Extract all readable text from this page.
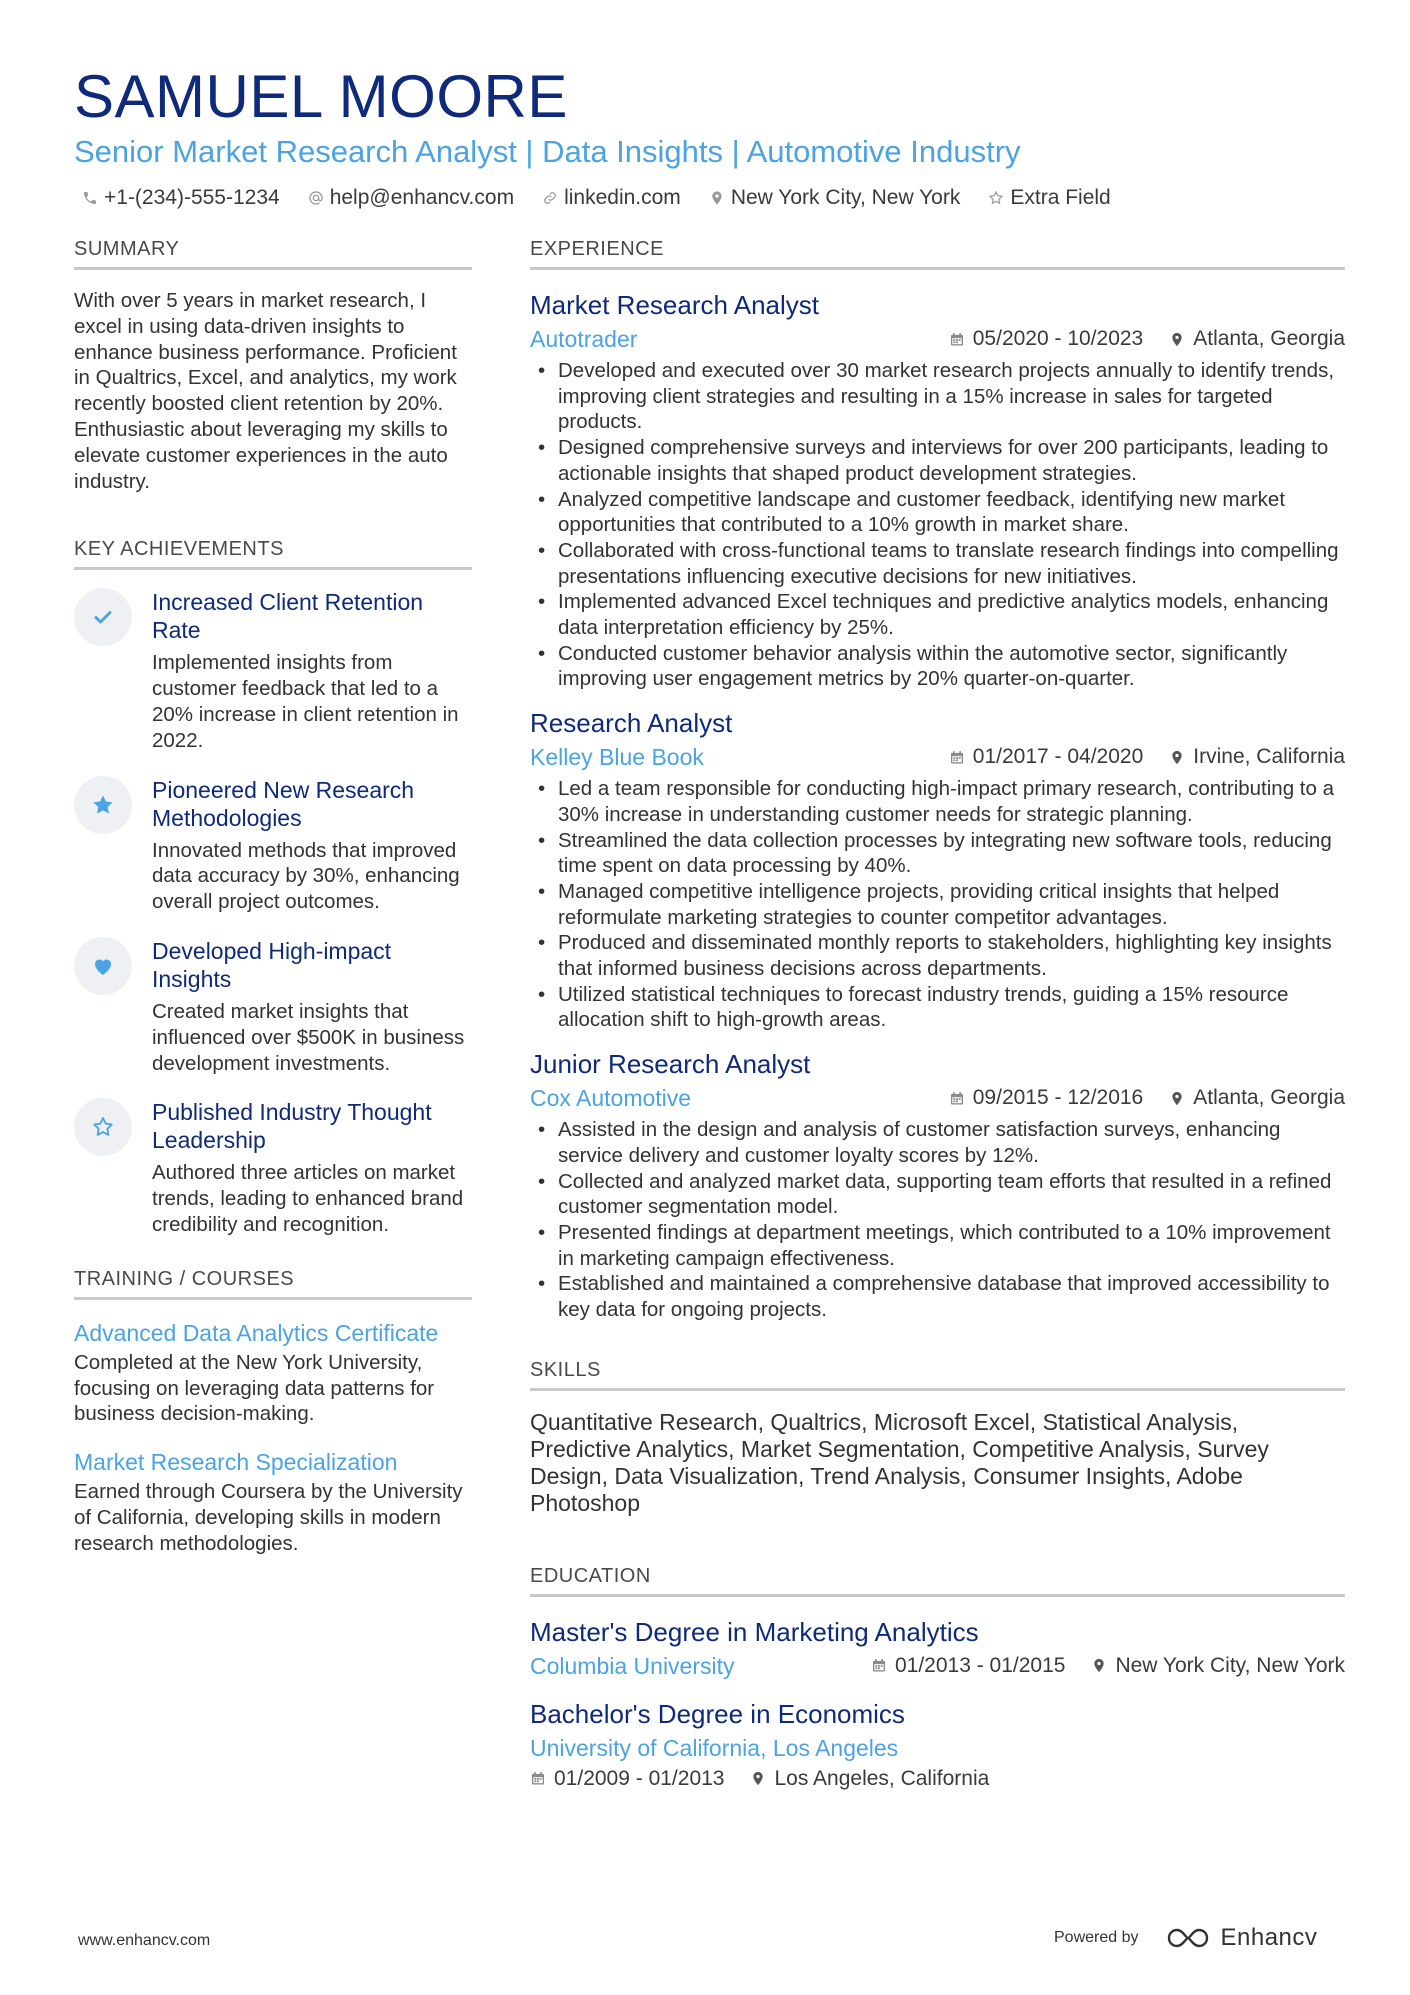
SAMUEL MOORE
Senior Market Research Analyst | Data Insights | Automotive Industry
+1-(234)-555-1234 help@enhancv.com linkedin.com New York City, New York Extra Field
SUMMARY
With over 5 years in market research, I excel in using data-driven insights to enhance business performance. Proficient in Qualtrics, Excel, and analytics, my work recently boosted client retention by 20%. Enthusiastic about leveraging my skills to elevate customer experiences in the auto industry.
KEY ACHIEVEMENTS
Increased Client Retention Rate
Implemented insights from customer feedback that led to a 20% increase in client retention in 2022.
Pioneered New Research Methodologies
Innovated methods that improved data accuracy by 30%, enhancing overall project outcomes.
Developed High-impact Insights
Created market insights that influenced over $500K in business development investments.
Published Industry Thought Leadership
Authored three articles on market trends, leading to enhanced brand credibility and recognition.
TRAINING / COURSES
Advanced Data Analytics Certificate
Completed at the New York University, focusing on leveraging data patterns for business decision-making.
Market Research Specialization
Earned through Coursera by the University of California, developing skills in modern research methodologies.
EXPERIENCE
Market Research Analyst
Autotrader	05/2020 - 10/2023 Atlanta, Georgia
• Developed and executed over 30 market research projects annually to identify trends, improving client strategies and resulting in a 15% increase in sales for targeted products.
• Designed comprehensive surveys and interviews for over 200 participants, leading to actionable insights that shaped product development strategies.
• Analyzed competitive landscape and customer feedback, identifying new market opportunities that contributed to a 10% growth in market share.
• Collaborated with cross-functional teams to translate research findings into compelling presentations influencing executive decisions for new initiatives.
• Implemented advanced Excel techniques and predictive analytics models, enhancing data interpretation efficiency by 25%.
• Conducted customer behavior analysis within the automotive sector, significantly improving user engagement metrics by 20% quarter-on-quarter.
Research Analyst
Kelley Blue Book	01/2017 - 04/2020 Irvine, California
• Led a team responsible for conducting high-impact primary research, contributing to a 30% increase in understanding customer needs for strategic planning.
• Streamlined the data collection processes by integrating new software tools, reducing time spent on data processing by 40%.
• Managed competitive intelligence projects, providing critical insights that helped reformulate marketing strategies to counter competitor advantages.
• Produced and disseminated monthly reports to stakeholders, highlighting key insights that informed business decisions across departments.
• Utilized statistical techniques to forecast industry trends, guiding a 15% resource allocation shift to high-growth areas.
Junior Research Analyst
Cox Automotive	09/2015 - 12/2016 Atlanta, Georgia
• Assisted in the design and analysis of customer satisfaction surveys, enhancing service delivery and customer loyalty scores by 12%.
• Collected and analyzed market data, supporting team efforts that resulted in a refined customer segmentation model.
• Presented findings at department meetings, which contributed to a 10% improvement in marketing campaign effectiveness.
• Established and maintained a comprehensive database that improved accessibility to key data for ongoing projects.
SKILLS
Quantitative Research, Qualtrics, Microsoft Excel, Statistical Analysis, Predictive Analytics, Market Segmentation, Competitive Analysis, Survey Design, Data Visualization, Trend Analysis, Consumer Insights, Adobe Photoshop
EDUCATION
Master's Degree in Marketing Analytics
Columbia University	01/2013 - 01/2015 New York City, New York
Bachelor's Degree in Economics
University of California, Los Angeles
01/2009 - 01/2013 Los Angeles, California
www.enhancv.com	Powered by	Enhancv
